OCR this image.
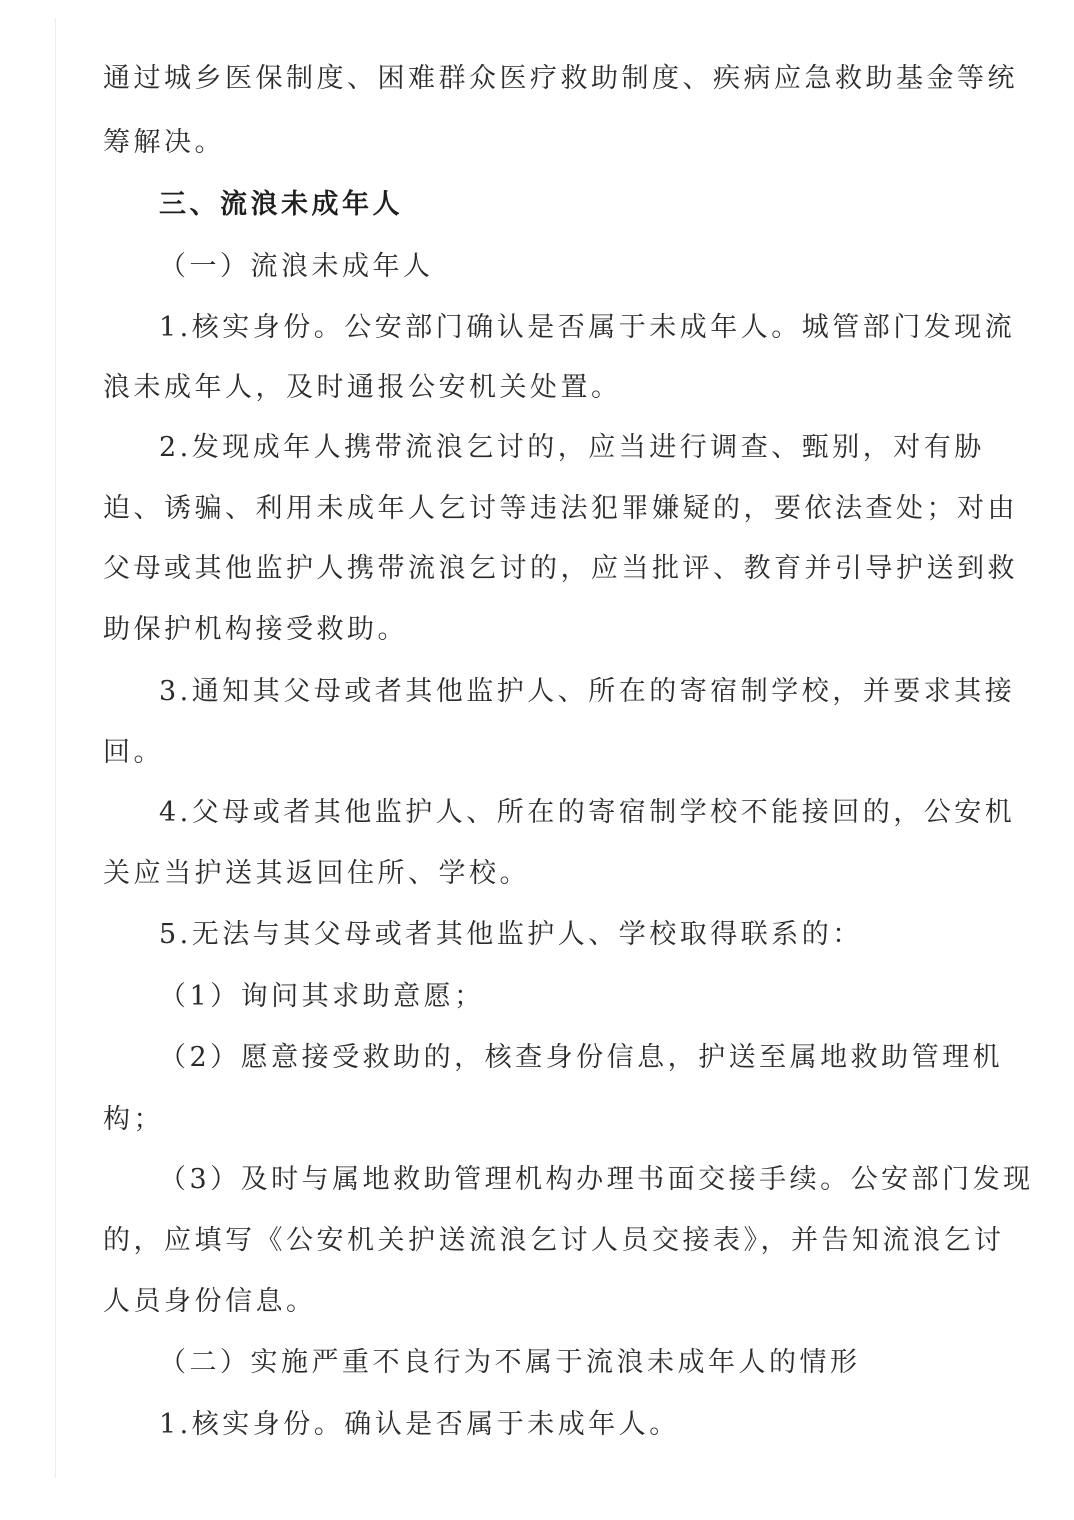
通过城乡医保制度、困难群众医疗救助制度、疾病应急救助基金等统
筹解决。
三、流浪未成年人
（一）流浪未成年人
1.核实身份。公安部门确认是否属于未成年人。城管部门发现流
浪未成年人，及时通报公安机关处置。
2.发现成年人携带流浪乞讨的，应当进行调查、甄别，对有胁
迫、诱骗、利用未成年人乞讨等违法犯罪嫌疑的，要依法查处；对由
父母或其他监护人携带流浪乞讨的，应当批评、教育并引导护送到救
助保护机构接受救助。
3.通知其父母或者其他监护人、所在的寄宿制学校，并要求其接
回。
4.父母或者其他监护人、所在的寄宿制学校不能接回的，公安机
关应当护送其返回住所、学校。
5.无法与其父母或者其他监护人、学校取得联系的：
（1）询问其求助意愿；
（2）愿意接受救助的，核查身份信息，护送至属地救助管理机
构；
（3）及时与属地救助管理机构办理书面交接手续。公安部门发现
的，应填写《公安机关护送流浪乞讨人员交接表》，并告知流浪乞讨
人员身份信息。
（二）实施严重不良行为不属于流浪未成年人的情形
1.核实身份。确认是否属于未成年人。
